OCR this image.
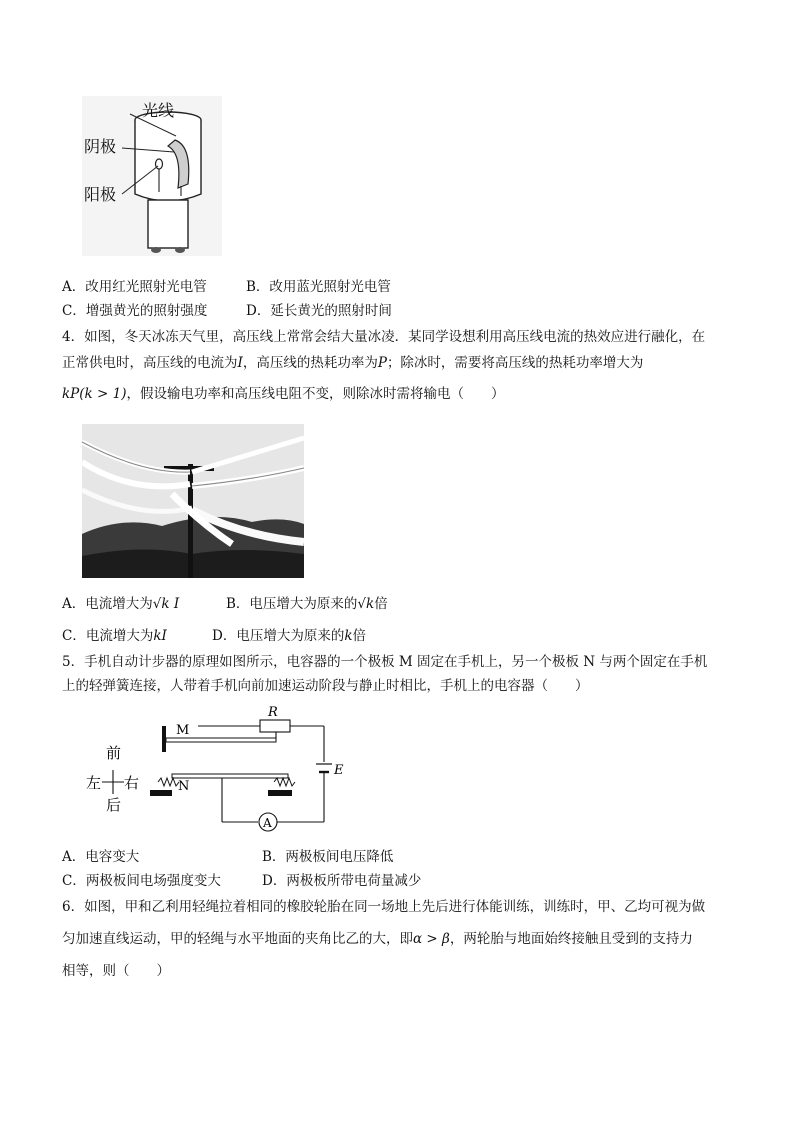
光线
阴极
阳极
A．改用红光照射光电管	B．改用蓝光照射光电管
C．增强黄光的照射强度	D．延长黄光的照射时间
4．如图，冬天冰冻天气里，高压线上常常会结大量冰凌．某同学设想利用高压线电流的热效应进行融化，在
正常供电时，高压线的电流为I，高压线的热耗功率为P；除冰时，需要将高压线的热耗功率增大为
kP(k > 1)，假设输电功率和高压线电阻不变，则除冰时需将输电（　　）
A．电流增大为√k I	B．电压增大为原来的√k倍
C．电流增大为kI	D．电压增大为原来的k倍
5．手机自动计步器的原理如图所示，电容器的一个极板 M 固定在手机上，另一个极板 N 与两个固定在手机
上的轻弹簧连接，人带着手机向前加速运动阶段与静止时相比，手机上的电容器（　　）
前
后
左 右
M
R
E
N
A
A．电容变大	B．两极板间电压降低
C．两极板间电场强度变大	D．两极板所带电荷量减少
6．如图，甲和乙利用轻绳拉着相同的橡胶轮胎在同一场地上先后进行体能训练，训练时，甲、乙均可视为做
匀加速直线运动，甲的轻绳与水平地面的夹角比乙的大，即α > β，两轮胎与地面始终接触且受到的支持力
相等，则（　　）
